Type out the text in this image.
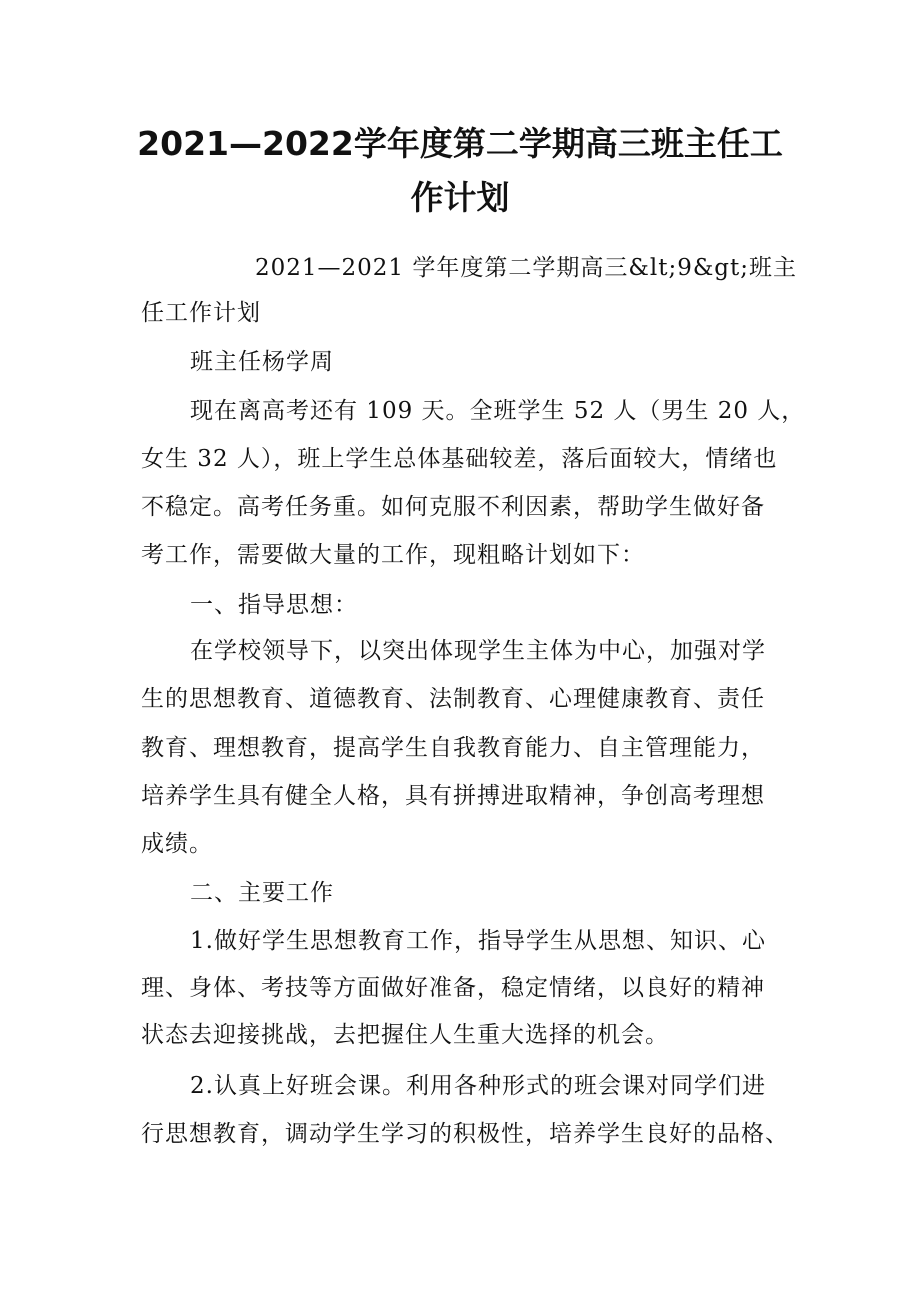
2021—2022学年度第二学期高三班主任工
作计划
2021—2021 学年度第二学期高三&lt;9&gt;班主
任工作计划
班主任杨学周
现在离高考还有 109 天。全班学生 52 人（男生 20 人，
女生 32 人），班上学生总体基础较差，落后面较大，情绪也
不稳定。高考任务重。如何克服不利因素，帮助学生做好备
考工作，需要做大量的工作，现粗略计划如下：
一、指导思想：
在学校领导下，以突出体现学生主体为中心，加强对学
生的思想教育、道德教育、法制教育、心理健康教育、责任
教育、理想教育，提高学生自我教育能力、自主管理能力，
培养学生具有健全人格，具有拼搏进取精神，争创高考理想
成绩。
二、主要工作
1.做好学生思想教育工作，指导学生从思想、知识、心
理、身体、考技等方面做好准备，稳定情绪，以良好的精神
状态去迎接挑战，去把握住人生重大选择的机会。
2.认真上好班会课。利用各种形式的班会课对同学们进
行思想教育，调动学生学习的积极性，培养学生良好的品格、
